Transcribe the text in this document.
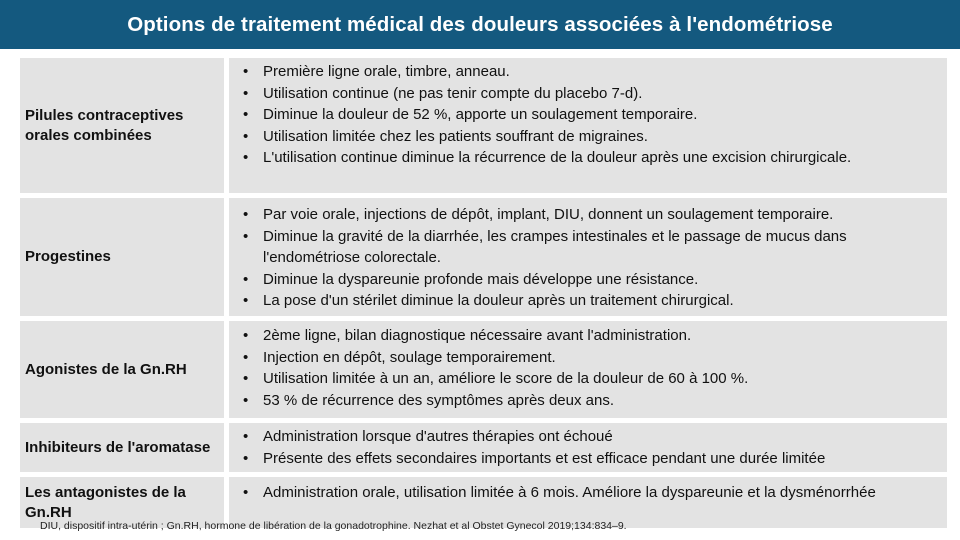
Options de traitement médical des douleurs associées à l'endométriose
Pilules contraceptives orales combinées
• Première ligne orale, timbre, anneau.
• Utilisation continue (ne pas tenir compte du placebo 7-d).
• Diminue la douleur de 52 %, apporte un soulagement temporaire.
• Utilisation limitée chez les patients souffrant de migraines.
• L'utilisation continue diminue la récurrence de la douleur après une excision chirurgicale.
Progestines
• Par voie orale, injections de dépôt, implant, DIU, donnent un soulagement temporaire.
• Diminue la gravité de la diarrhée, les crampes intestinales et le passage de mucus dans l'endométriose colorectale.
• Diminue la dyspareunie profonde mais développe une résistance.
• La pose d'un stérilet diminue la douleur après un traitement chirurgical.
Agonistes de la Gn.RH
• 2ème ligne, bilan diagnostique nécessaire avant l'administration.
• Injection en dépôt, soulage temporairement.
• Utilisation limitée à un an, améliore le score de la douleur de 60 à 100 %.
• 53 % de récurrence des symptômes après deux ans.
Inhibiteurs de l'aromatase
• Administration lorsque d'autres thérapies ont échoué
• Présente des effets secondaires importants et est efficace pendant une durée limitée
Les antagonistes de la Gn.RH
• Administration orale, utilisation limitée à 6 mois. Améliore la dyspareunie et la dysménorrhée
DIU, dispositif intra-utérin ; Gn.RH, hormone de libération de la gonadotrophine. Nezhat et al Obstet Gynecol 2019;134:834–9.
